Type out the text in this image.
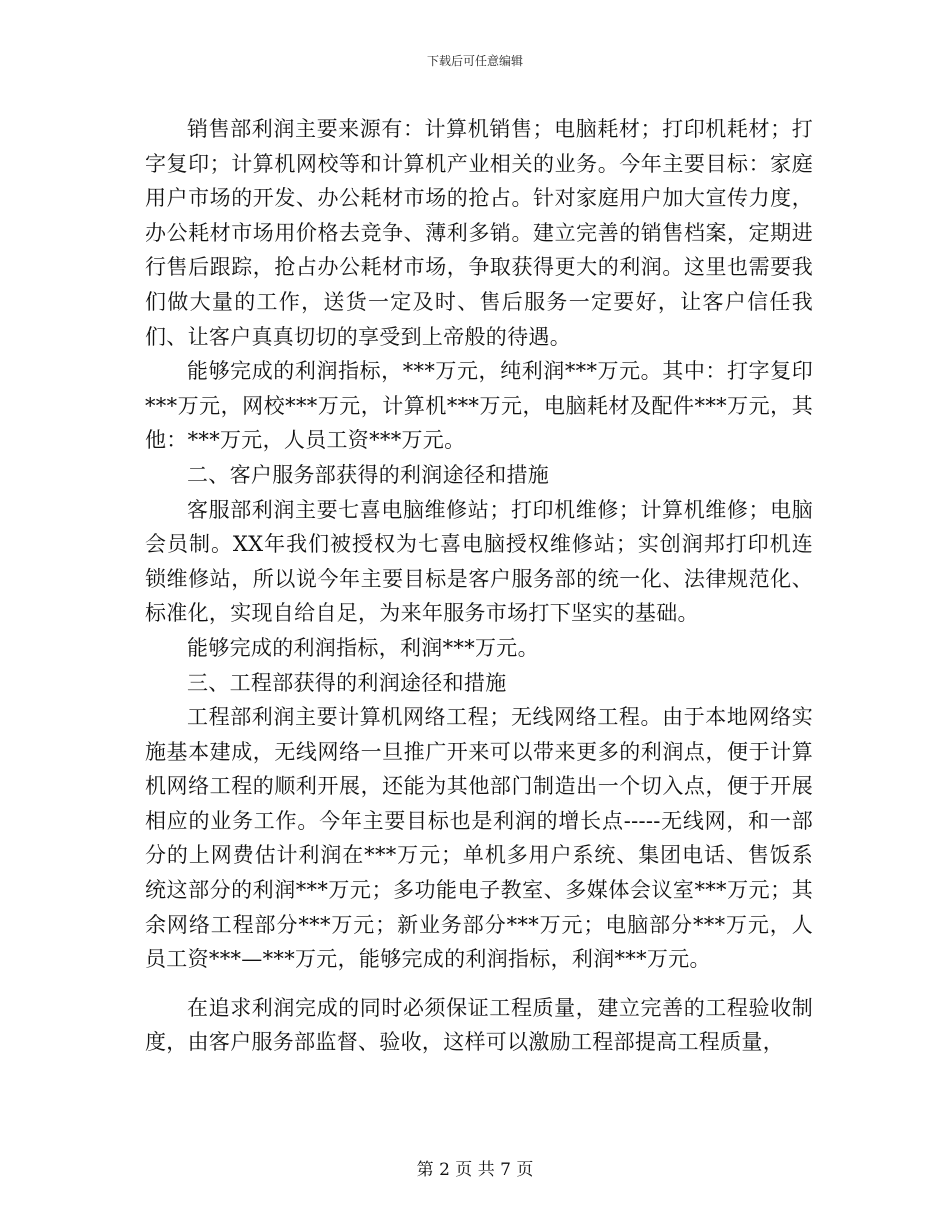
下载后可任意编辑

销售部利润主要来源有：计算机销售；电脑耗材；打印机耗材；打字复印；计算机网校等和计算机产业相关的业务。今年主要目标：家庭用户市场的开发、办公耗材市场的抢占。针对家庭用户加大宣传力度，办公耗材市场用价格去竞争、薄利多销。建立完善的销售档案，定期进行售后跟踪，抢占办公耗材市场，争取获得更大的利润。这里也需要我们做大量的工作，送货一定及时、售后服务一定要好，让客户信任我们、让客户真真切切的享受到上帝般的待遇。

能够完成的利润指标，***万元，纯利润***万元。其中：打字复印***万元，网校***万元，计算机***万元，电脑耗材及配件***万元，其他：***万元，人员工资***万元。

二、客户服务部获得的利润途径和措施

客服部利润主要七喜电脑维修站；打印机维修；计算机维修；电脑会员制。XX年我们被授权为七喜电脑授权维修站；实创润邦打印机连锁维修站，所以说今年主要目标是客户服务部的统一化、法律规范化、标准化，实现自给自足，为来年服务市场打下坚实的基础。

能够完成的利润指标，利润***万元。

三、工程部获得的利润途径和措施

工程部利润主要计算机网络工程；无线网络工程。由于本地网络实施基本建成，无线网络一旦推广开来可以带来更多的利润点，便于计算机网络工程的顺利开展，还能为其他部门制造出一个切入点，便于开展相应的业务工作。今年主要目标也是利润的增长点-----无线网，和一部分的上网费估计利润在***万元；单机多用户系统、集团电话、售饭系统这部分的利润***万元；多功能电子教室、多媒体会议室***万元；其余网络工程部分***万元；新业务部分***万元；电脑部分***万元，人员工资***—***万元，能够完成的利润指标，利润***万元。

在追求利润完成的同时必须保证工程质量，建立完善的工程验收制度，由客户服务部监督、验收，这样可以激励工程部提高工程质量，

第 2 页 共 7 页
